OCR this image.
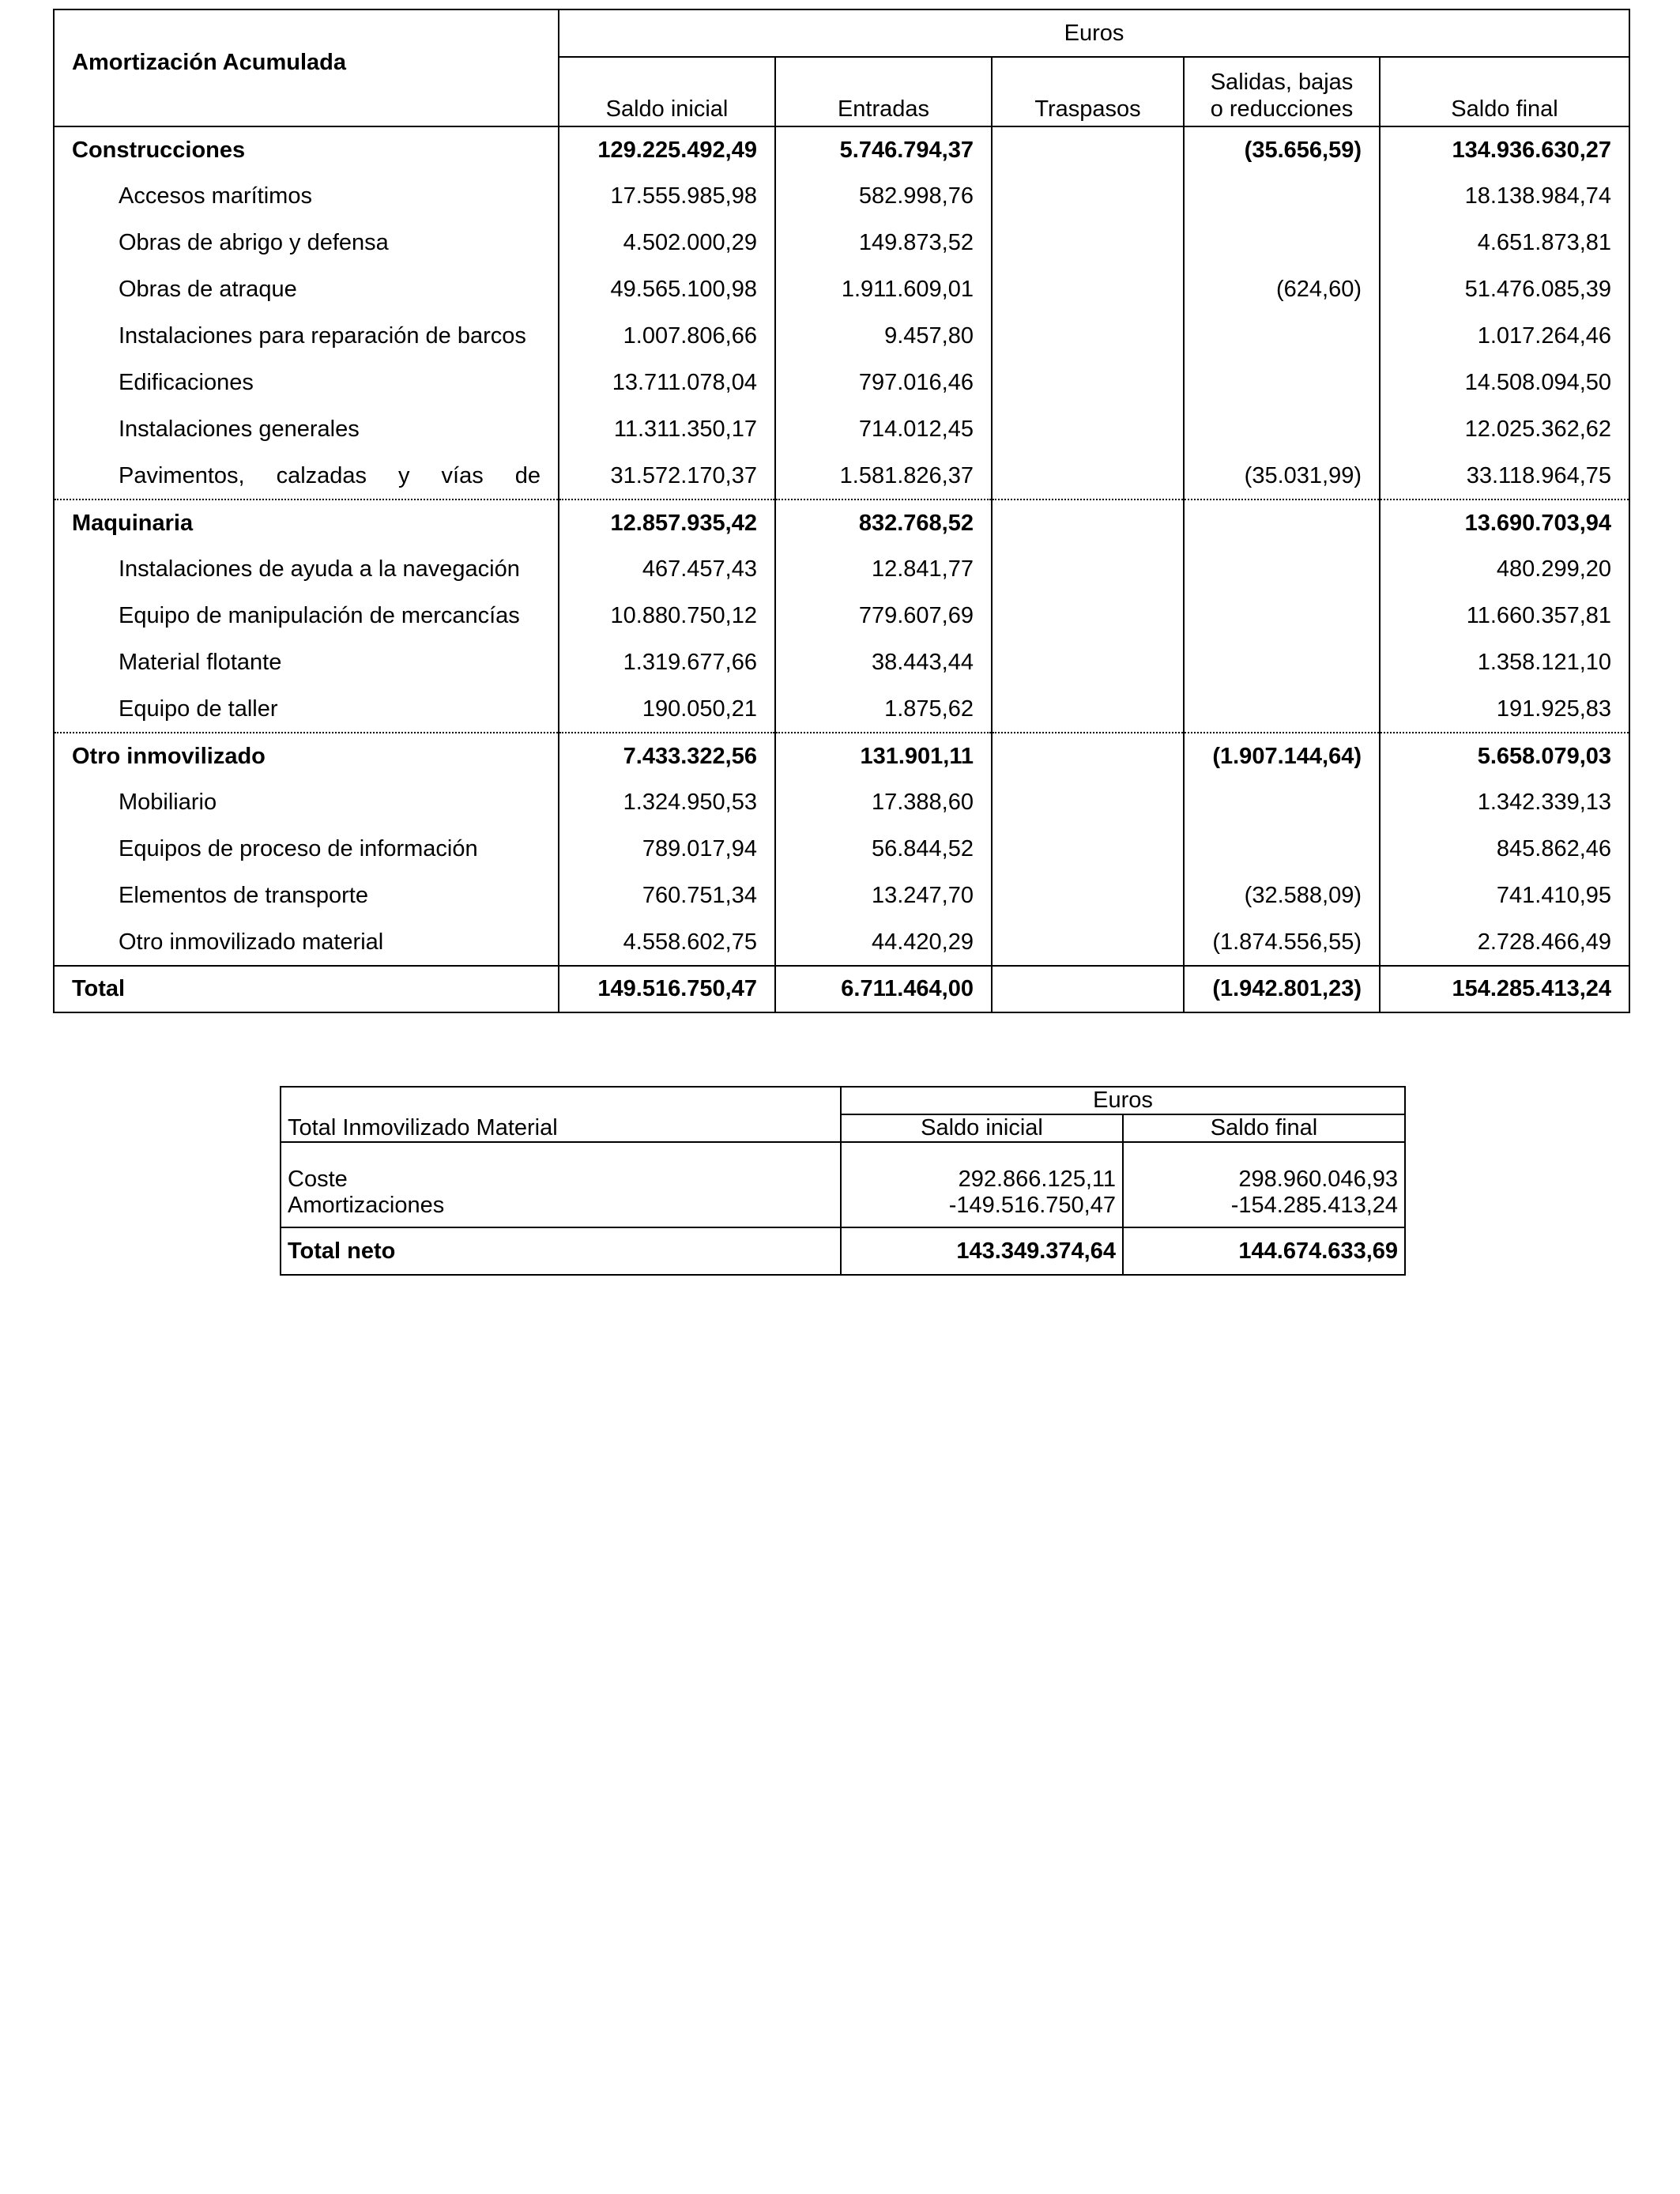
Amortización Acumulada	Euros				
	Saldo inicial	Entradas	Traspasos	Salidas, bajas
o reducciones	Saldo final
Construcciones	129.225.492,49	5.746.794,37		(35.656,59)	134.936.630,27
Accesos marítimos	17.555.985,98	582.998,76			18.138.984,74
Obras de abrigo y defensa	4.502.000,29	149.873,52			4.651.873,81
Obras de atraque	49.565.100,98	1.911.609,01		(624,60)	51.476.085,39
Instalaciones para reparación de barcos	1.007.806,66	9.457,80			1.017.264,46
Edificaciones	13.711.078,04	797.016,46			14.508.094,50
Instalaciones generales	11.311.350,17	714.012,45			12.025.362,62
Pavimentos, calzadas y vías de	31.572.170,37	1.581.826,37		(35.031,99)	33.118.964,75
Maquinaria	12.857.935,42	832.768,52			13.690.703,94
Instalaciones de ayuda a la navegación	467.457,43	12.841,77			480.299,20
Equipo de manipulación de mercancías	10.880.750,12	779.607,69			11.660.357,81
Material flotante	1.319.677,66	38.443,44			1.358.121,10
Equipo de taller	190.050,21	1.875,62			191.925,83
Otro inmovilizado	7.433.322,56	131.901,11		(1.907.144,64)	5.658.079,03
Mobiliario	1.324.950,53	17.388,60			1.342.339,13
Equipos de proceso de información	789.017,94	56.844,52			845.862,46
Elementos de transporte	760.751,34	13.247,70		(32.588,09)	741.410,95
Otro inmovilizado material	4.558.602,75	44.420,29		(1.874.556,55)	2.728.466,49
Total	149.516.750,47	6.711.464,00		(1.942.801,23)	154.285.413,24
Total Inmovilizado Material	Euros	
	Saldo inicial	Saldo final

Coste	292.866.125,11	298.960.046,93
Amortizaciones	-149.516.750,47	-154.285.413,24
Total neto	143.349.374,64	144.674.633,69
